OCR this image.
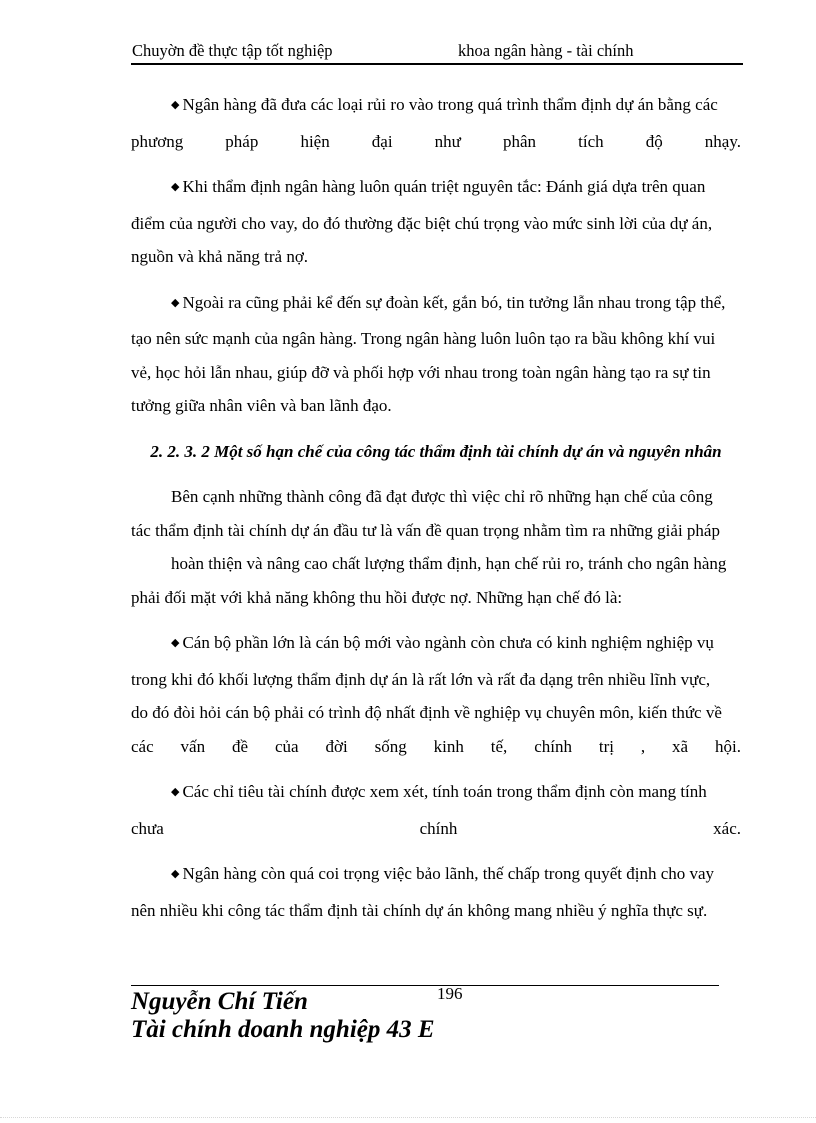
Chuyờn đề thực tập tốt nghiệp	khoa ngân hàng - tài chính
◆ Ngân hàng đã đưa các loại rủi ro vào trong quá trình thẩm định dự án bằng các
phương pháp hiện đại như phân tích độ nhạy.
◆ Khi thẩm định ngân hàng luôn quán triệt nguyên tắc: Đánh giá dựa trên quan
điểm của người cho vay, do đó thường đặc biệt chú trọng vào mức sinh lời của dự án,
nguồn và khả năng trả nợ.
◆ Ngoài ra cũng phải kể đến sự đoàn kết, gắn bó, tin tưởng lẫn nhau trong tập thể,
tạo nên sức mạnh của ngân hàng. Trong ngân hàng luôn luôn tạo ra bầu không khí vui
vẻ, học hỏi lẫn nhau, giúp đỡ và phối hợp với nhau trong toàn ngân hàng tạo ra sự tin
tưởng giữa nhân viên và ban lãnh đạo.
2. 2. 3. 2 Một số hạn chế của công tác thẩm định tài chính dự án và nguyên nhân
Bên cạnh những thành công đã đạt được thì việc chỉ rõ những hạn chế của công
tác thẩm định tài chính dự án đầu tư là vấn đề quan trọng nhằm tìm ra những giải pháp
hoàn thiện và nâng cao chất lượng thẩm định, hạn chế rủi ro, tránh cho ngân hàng
phải đối mặt với khả năng không thu hồi được nợ. Những hạn chế đó là:
◆ Cán bộ phần lớn là cán bộ mới vào ngành còn chưa có kinh nghiệm nghiệp vụ
trong khi đó khối lượng thẩm định dự án là rất lớn và rất đa dạng trên nhiều lĩnh vực,
do đó đòi hỏi cán bộ phải có trình độ nhất định về nghiệp vụ chuyên môn, kiến thức về
các vấn đề của đời sống kinh tế, chính trị , xã hội.
◆ Các chỉ tiêu tài chính được xem xét, tính toán trong thẩm định còn mang tính
chưa chính xác.
◆ Ngân hàng còn quá coi trọng việc bảo lãnh, thế chấp trong quyết định cho vay
nên nhiều khi công tác thẩm định tài chính dự án không mang nhiều ý nghĩa thực sự.
196
Nguyễn Chí Tiến
Tài chính doanh nghiệp 43 E
